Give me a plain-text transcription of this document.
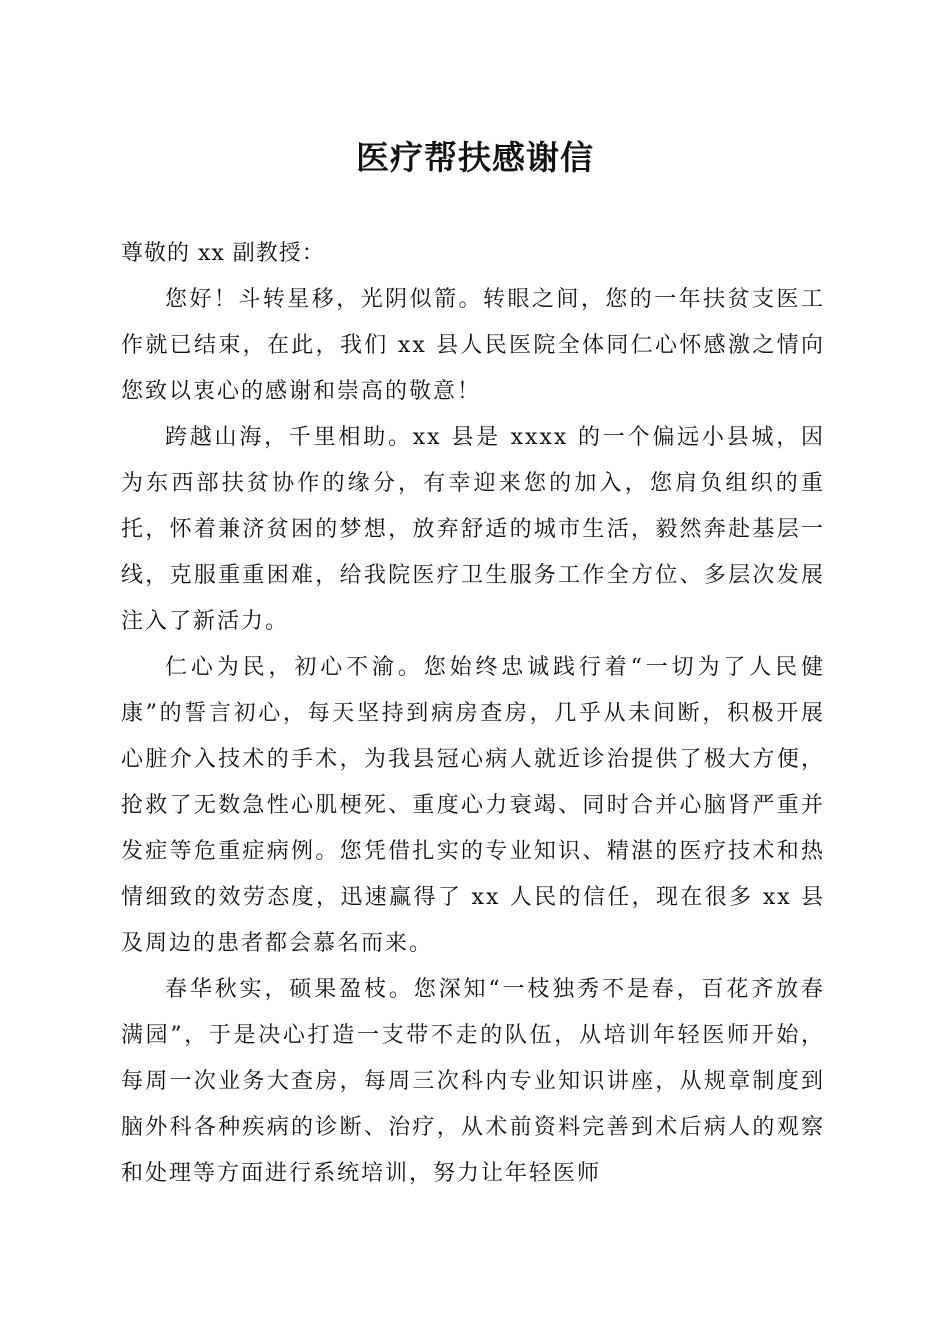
医疗帮扶感谢信

尊敬的 xx 副教授：

您好！斗转星移，光阴似箭。转眼之间，您的一年扶贫支医工作就已结束，在此，我们 xx 县人民医院全体同仁心怀感激之情向您致以衷心的感谢和崇高的敬意！

跨越山海，千里相助。xx 县是 xxxx 的一个偏远小县城，因为东西部扶贫协作的缘分，有幸迎来您的加入，您肩负组织的重托，怀着兼济贫困的梦想，放弃舒适的城市生活，毅然奔赴基层一线，克服重重困难，给我院医疗卫生服务工作全方位、多层次发展注入了新活力。

仁心为民，初心不渝。您始终忠诚践行着“一切为了人民健康”的誓言初心，每天坚持到病房查房，几乎从未间断，积极开展心脏介入技术的手术，为我县冠心病人就近诊治提供了极大方便，抢救了无数急性心肌梗死、重度心力衰竭、同时合并心脑肾严重并发症等危重症病例。您凭借扎实的专业知识、精湛的医疗技术和热情细致的效劳态度，迅速赢得了 xx 人民的信任，现在很多 xx 县及周边的患者都会慕名而来。

春华秋实，硕果盈枝。您深知“一枝独秀不是春，百花齐放春满园”，于是决心打造一支带不走的队伍，从培训年轻医师开始，每周一次业务大查房，每周三次科内专业知识讲座，从规章制度到脑外科各种疾病的诊断、治疗，从术前资料完善到术后病人的观察和处理等方面进行系统培训，努力让年轻医师
